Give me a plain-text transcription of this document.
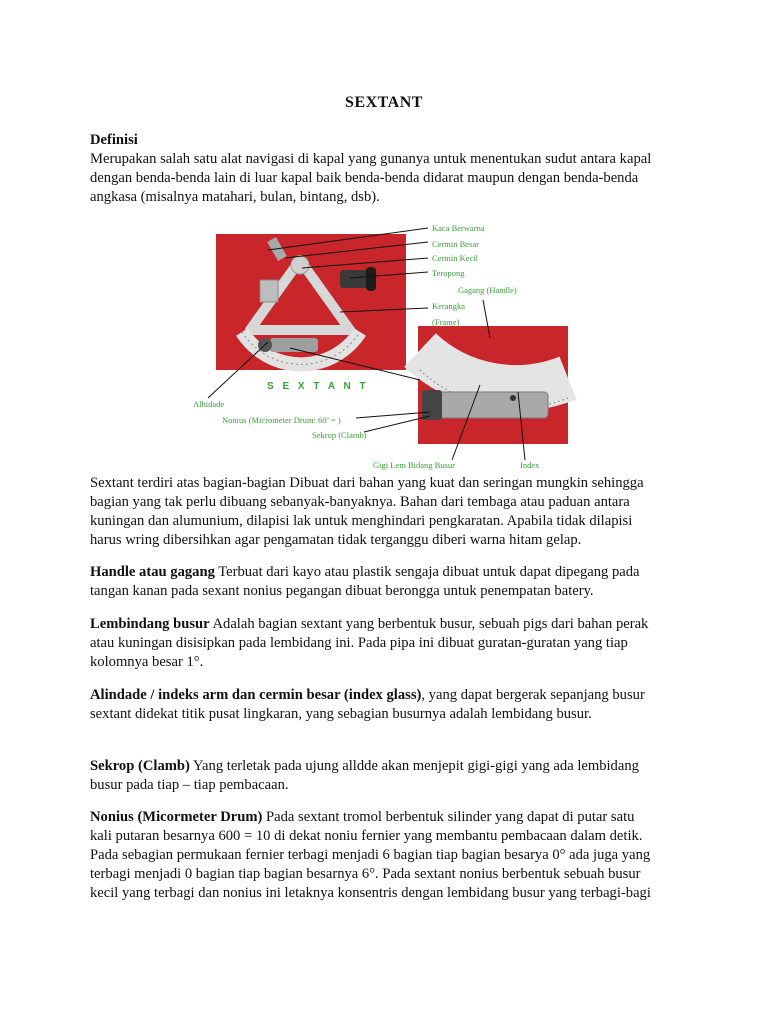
SEXTANT
Definisi
Merupakan salah satu alat navigasi di kapal yang gunanya untuk menentukan sudut antara kapal
dengan benda-benda lain di luar kapal baik benda-benda didarat maupun dengan benda-benda
angkasa (misalnya matahari, bulan, bintang, dsb).
Kaca Berwarna
Cermin Besar
Cermin Kecil
Teropong
Gagang (Handle)
Kerangka
(Frame)
S E X T A N T
Alhidade
Nonius (Micrometer Drum: 60’ = )
Sekrop (Clamb)
Gigi Lem Bidang Busur	Index
Sextant terdiri atas bagian-bagian Dibuat dari bahan yang kuat dan seringan mungkin sehingga
bagian yang tak perlu dibuang sebanyak-banyaknya. Bahan dari tembaga atau paduan antara
kuningan dan alumunium, dilapisi lak untuk menghindari pengkaratan. Apabila tidak dilapisi
harus wring dibersihkan agar pengamatan tidak terganggu diberi warna hitam gelap.
Handle atau gagang Terbuat dari kayo atau plastik sengaja dibuat untuk dapat dipegang pada
tangan kanan pada sexant nonius pegangan dibuat berongga untuk penempatan batery.
Lembindang busur Adalah bagian sextant yang berbentuk busur, sebuah pigs dari bahan perak
atau kuningan disisipkan pada lembidang ini. Pada pipa ini dibuat guratan-guratan yang tiap
kolomnya besar 1°.
Alindade / indeks arm dan cermin besar (index glass), yang dapat bergerak sepanjang busur
sextant didekat titik pusat lingkaran, yang sebagian busurnya adalah lembidang busur.
Sekrop (Clamb) Yang terletak pada ujung alldde akan menjepit gigi-gigi yang ada lembidang
busur pada tiap – tiap pembacaan.
Nonius (Micormeter Drum) Pada sextant tromol berbentuk silinder yang dapat di putar satu
kali putaran besarnya 600 = 10 di dekat noniu fernier yang membantu pembacaan dalam detik.
Pada sebagian permukaan fernier terbagi menjadi 6 bagian tiap bagian besarya 0° ada juga yang
terbagi menjadi 0 bagian tiap bagian besarnya 6°. Pada sextant nonius berbentuk sebuah busur
kecil yang terbagi dan nonius ini letaknya konsentris dengan lembidang busur yang terbagi-bagi
